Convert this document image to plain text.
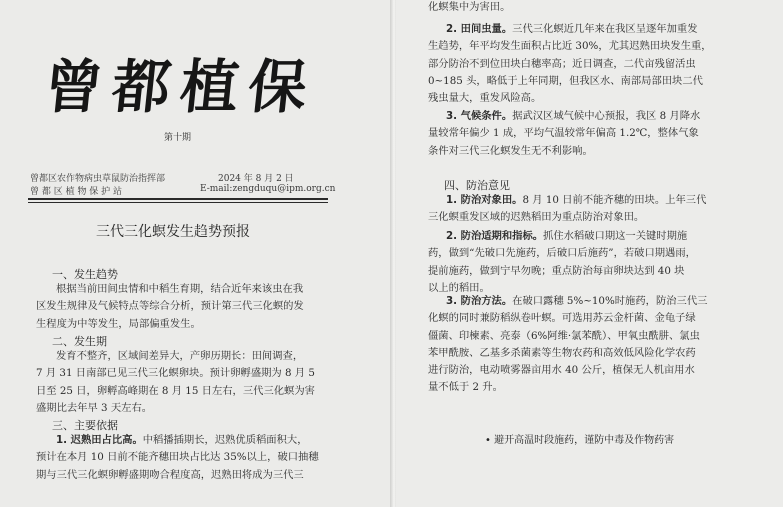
曾都植保
第十期
曾都区农作物病虫草鼠防治指挥部	2024 年 8 月 2 日
曾 都 区 植 物 保 护 站	E-mail:zengduqu@ipm.org.cn
三代三化螟发生趋势预报
一、发生趋势
根据当前田间虫情和中稻生育期，结合近年来该虫在我
区发生规律及气候特点等综合分析，预计第三代三化螟的发
生程度为中等发生，局部偏重发生。
二、发生期
发育不整齐，区域间差异大，产卵历期长：田间调查，
7 月 31 日南部已见三代三化螟卵块。预计卵孵盛期为 8 月 5
日至 25 日，卵孵高峰期在 8 月 15 日左右，三代三化螟为害
盛期比去年早 3 天左右。
三、主要依据
1. 迟熟田占比高。中稻播插期长，迟熟优质稻面积大，
预计在本月 10 日前不能齐穗田块占比达 35%以上，破口抽穗
期与三代三化螟卵孵盛期吻合程度高，迟熟田将成为三代三
化螟集中为害田。
2. 田间虫量。三代三化螟近几年来在我区呈逐年加重发
生趋势，年平均发生面积占比近 30%，尤其迟熟田块发生重，
部分防治不到位田块白穗率高；近日调查，二代亩残留活虫
0~185 头，略低于上年同期，但我区水、南部局部田块二代
残虫量大，重发风险高。
3. 气候条件。据武汉区域气候中心预报，我区 8 月降水
量较常年偏少 1 成，平均气温较常年偏高 1.2℃，整体气象
条件对三代三化螟发生无不利影响。
四、防治意见
1. 防治对象田。8 月 10 日前不能齐穗的田块。上年三代
三化螟重发区域的迟熟稻田为重点防治对象田。
2. 防治适期和指标。抓住水稻破口期这一关键时期施
药，做到“先破口先施药，后破口后施药”，若破口期遇雨，
提前施药，做到宁早勿晚；重点防治每亩卵块达到 40 块
以上的稻田。
3. 防治方法。在破口露穗 5%~10%时施药，防治三代三
化螟的同时兼防稻纵卷叶螟。可选用苏云金杆菌、金龟子绿
僵菌、印楝素、亮泰（6%阿维·氯苯酰）、甲氧虫酰肼、氯虫
苯甲酰胺、乙基多杀菌素等生物农药和高效低风险化学农药
进行防治，电动喷雾器亩用水 40 公斤，植保无人机亩用水
量不低于 2 升。
• 避开高温时段施药，谨防中毒及作物药害
